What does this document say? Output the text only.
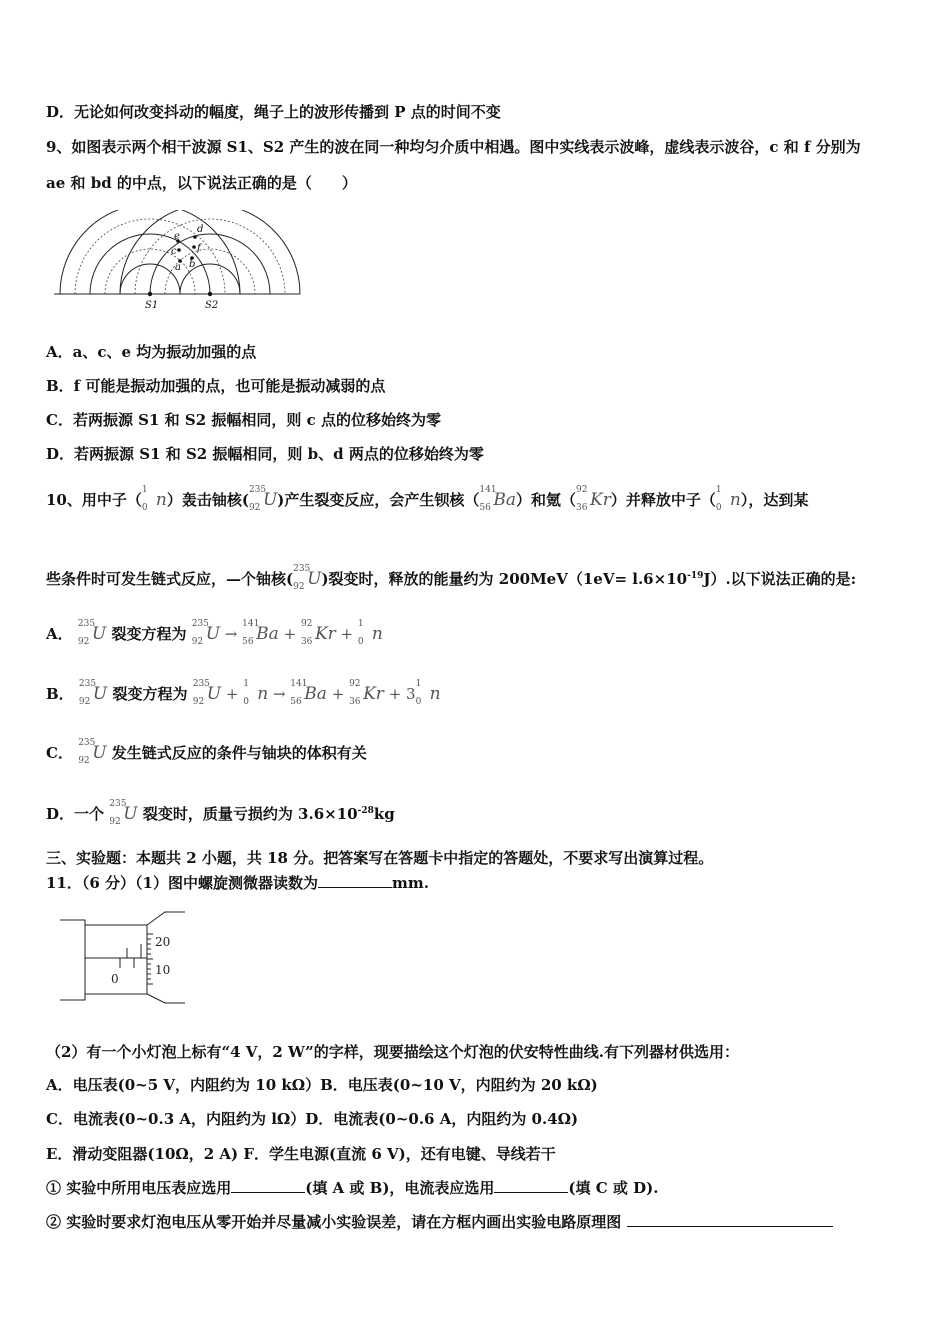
D．无论如何改变抖动的幅度，绳子上的波形传播到 P 点的时间不变
9、如图表示两个相干波源 S1、S2 产生的波在同一种均匀介质中相遇。图中实线表示波峰，虚线表示波谷，c 和 f 分别为
ae 和 bd 的中点，以下说法正确的是（　　）
d
e
c f
a b
S1	S2
A．a、c、e 均为振动加强的点
B．f 可能是振动加强的点，也可能是振动减弱的点
C．若两振源 S1 和 S2 振幅相同，则 c 点的位移始终为零
D．若两振源 S1 和 S2 振幅相同，则 b、d 两点的位移始终为零
10、用中子（
1
0 n）轰击铀核(
235
92 U)产生裂变反应，会产生钡核（
141
56 Ba）和氪（
92
36 Kr）并释放中子（
1
0 n），达到某
些条件时可发生链式反应，—个铀核(
235
92 U)裂变时，释放的能量约为 $200MeV(1eV= l.6\times 10^{-19}J)$.以下说法正确的是:
A．
235
92 U 裂变方程为
235
92 U →
141
56 Ba +
92
36 Kr +
1
0 n
B．
235
92 U 裂变方程为
235
92 U +
1
0 n →
141
56 Ba +
92
36 Kr + 3
1
0 n
C．
235
92 U 发生链式反应的条件与铀块的体积有关
D．一个
235
92 U 裂变时，质量亏损约为 $3.6\times 10^{-28}kg$
三、实验题：本题共 2 小题，共 18 分。把答案写在答题卡中指定的答题处，不要求写出演算过程。
11．（6 分）（1）图中螺旋测微器读数为	mm.
20
10
0
（2）有一个小灯泡上标有“4 V，2 W”的字样，现要描绘这个灯泡的伏安特性曲线.有下列器材供选用：
A．电压表(0~5 V，内阻约为 10 kΩ）B．电压表(0~10 V，内阻约为 20 kΩ)
C．电流表(0~0.3 A，内阻约为 lΩ）D．电流表(0~0.6 A，内阻约为 0.4Ω)
E．滑动变阻器(10Ω，2 A) F．学生电源(直流 6 V)，还有电键、导线若干
① 实验中所用电压表应选用	(填 A 或 B)，电流表应选用	(填 C 或 D).
② 实验时要求灯泡电压从零开始并尽量减小实验误差，请在方框内画出实验电路原理图
